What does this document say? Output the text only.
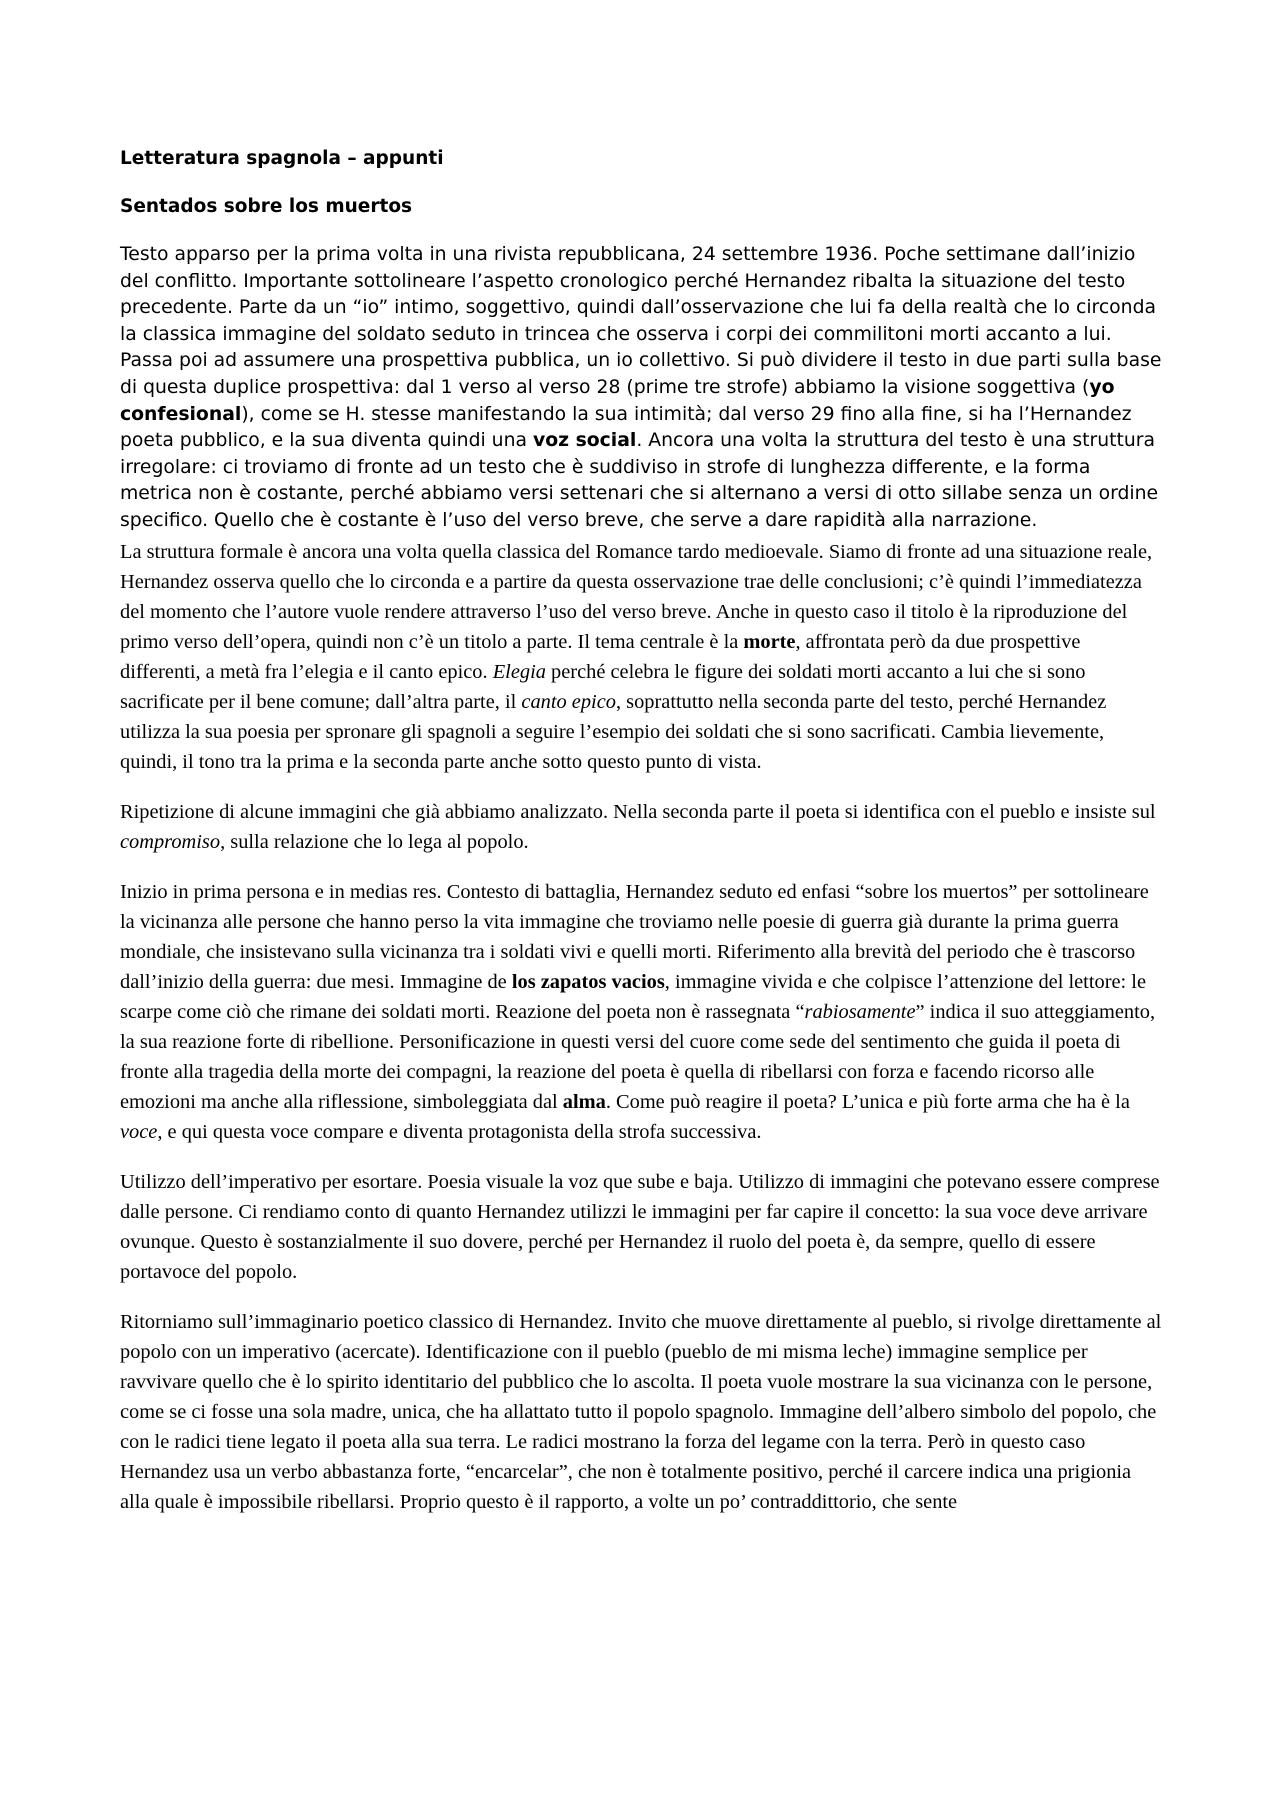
Letteratura spagnola – appunti

Sentados sobre los muertos

Testo apparso per la prima volta in una rivista repubblicana, 24 settembre 1936. Poche settimane dall’inizio del conflitto. Importante sottolineare l’aspetto cronologico perché Hernandez ribalta la situazione del testo precedente. Parte da un “io” intimo, soggettivo, quindi dall’osservazione che lui fa della realtà che lo circonda la classica immagine del soldato seduto in trincea che osserva i corpi dei commilitoni morti accanto a lui. Passa poi ad assumere una prospettiva pubblica, un io collettivo. Si può dividere il testo in due parti sulla base di questa duplice prospettiva: dal 1 verso al verso 28 (prime tre strofe) abbiamo la visione soggettiva (yo confesional), come se H. stesse manifestando la sua intimità; dal verso 29 fino alla fine, si ha l’Hernandez poeta pubblico, e la sua diventa quindi una voz social. Ancora una volta la struttura del testo è una struttura irregolare: ci troviamo di fronte ad un testo che è suddiviso in strofe di lunghezza differente, e la forma metrica non è costante, perché abbiamo versi settenari che si alternano a versi di otto sillabe senza un ordine specifico. Quello che è costante è l’uso del verso breve, che serve a dare rapidità alla narrazione.

La struttura formale è ancora una volta quella classica del Romance tardo medioevale. Siamo di fronte ad una situazione reale, Hernandez osserva quello che lo circonda e a partire da questa osservazione trae delle conclusioni; c’è quindi l’immediatezza del momento che l’autore vuole rendere attraverso l’uso del verso breve. Anche in questo caso il titolo è la riproduzione del primo verso dell’opera, quindi non c’è un titolo a parte. Il tema centrale è la morte, affrontata però da due prospettive differenti, a metà fra l’elegia e il canto epico. Elegia perché celebra le figure dei soldati morti accanto a lui che si sono sacrificate per il bene comune; dall’altra parte, il canto epico, soprattutto nella seconda parte del testo, perché Hernandez utilizza la sua poesia per spronare gli spagnoli a seguire l’esempio dei soldati che si sono sacrificati. Cambia lievemente, quindi, il tono tra la prima e la seconda parte anche sotto questo punto di vista.

Ripetizione di alcune immagini che già abbiamo analizzato. Nella seconda parte il poeta si identifica con el pueblo e insiste sul compromiso, sulla relazione che lo lega al popolo.

Inizio in prima persona e in medias res. Contesto di battaglia, Hernandez seduto ed enfasi “sobre los muertos” per sottolineare la vicinanza alle persone che hanno perso la vita immagine che troviamo nelle poesie di guerra già durante la prima guerra mondiale, che insistevano sulla vicinanza tra i soldati vivi e quelli morti. Riferimento alla brevità del periodo che è trascorso dall’inizio della guerra: due mesi. Immagine de los zapatos vacios, immagine vivida e che colpisce l’attenzione del lettore: le scarpe come ciò che rimane dei soldati morti. Reazione del poeta non è rassegnata “rabiosamente” indica il suo atteggiamento, la sua reazione forte di ribellione. Personificazione in questi versi del cuore come sede del sentimento che guida il poeta di fronte alla tragedia della morte dei compagni, la reazione del poeta è quella di ribellarsi con forza e facendo ricorso alle emozioni ma anche alla riflessione, simboleggiata dal alma. Come può reagire il poeta? L’unica e più forte arma che ha è la voce, e qui questa voce compare e diventa protagonista della strofa successiva.

Utilizzo dell’imperativo per esortare. Poesia visuale la voz que sube e baja. Utilizzo di immagini che potevano essere comprese dalle persone. Ci rendiamo conto di quanto Hernandez utilizzi le immagini per far capire il concetto: la sua voce deve arrivare ovunque. Questo è sostanzialmente il suo dovere, perché per Hernandez il ruolo del poeta è, da sempre, quello di essere portavoce del popolo.

Ritorniamo sull’immaginario poetico classico di Hernandez. Invito che muove direttamente al pueblo, si rivolge direttamente al popolo con un imperativo (acercate). Identificazione con il pueblo (pueblo de mi misma leche) immagine semplice per ravvivare quello che è lo spirito identitario del pubblico che lo ascolta. Il poeta vuole mostrare la sua vicinanza con le persone, come se ci fosse una sola madre, unica, che ha allattato tutto il popolo spagnolo. Immagine dell’albero simbolo del popolo, che con le radici tiene legato il poeta alla sua terra. Le radici mostrano la forza del legame con la terra. Però in questo caso Hernandez usa un verbo abbastanza forte, “encarcelar”, che non è totalmente positivo, perché il carcere indica una prigionia alla quale è impossibile ribellarsi. Proprio questo è il rapporto, a volte un po’ contraddittorio, che sente
